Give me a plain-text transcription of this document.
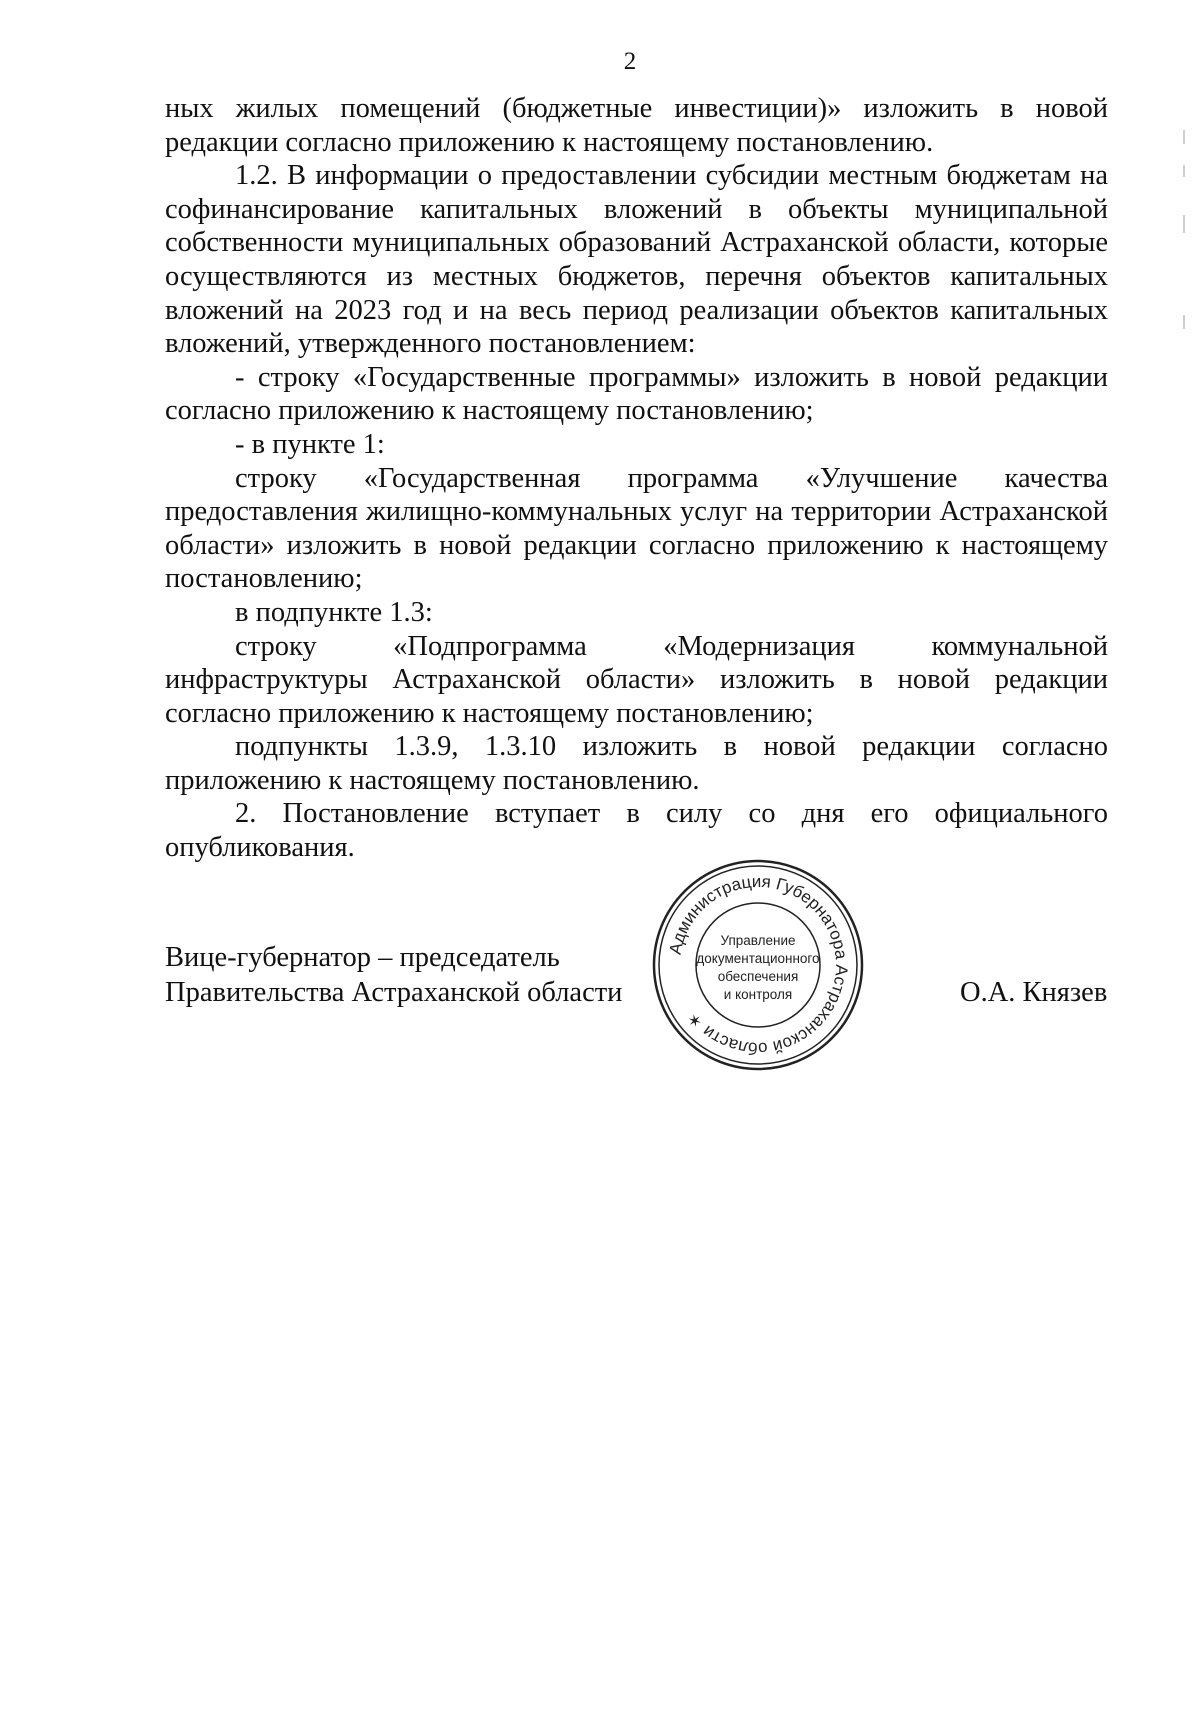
2

ных жилых помещений (бюджетные инвестиции)» изложить в новой редакции согласно приложению к настоящему постановлению.

1.2. В информации о предоставлении субсидии местным бюджетам на софинансирование капитальных вложений в объекты муниципальной собственности муниципальных образований Астраханской области, которые осуществляются из местных бюджетов, перечня объектов капитальных вложений на 2023 год и на весь период реализации объектов капитальных вложений, утвержденного постановлением:

- строку «Государственные программы» изложить в новой редакции согласно приложению к настоящему постановлению;

- в пункте 1:

строку «Государственная программа «Улучшение качества предоставления жилищно-коммунальных услуг на территории Астраханской области» изложить в новой редакции согласно приложению к настоящему постановлению;

в подпункте 1.3:

строку «Подпрограмма «Модернизация коммунальной инфраструктуры Астраханской области» изложить в новой редакции согласно приложению к настоящему постановлению;

подпункты 1.3.9, 1.3.10 изложить в новой редакции согласно приложению к настоящему постановлению.

2. Постановление вступает в силу со дня его официального опубликования.

Вице-губернатор – председатель
Правительства Астраханской области
Администрация Губернатора Астраханской области ✶
Управление
документационного
обеспечения
и контроля	О.А. Князев
